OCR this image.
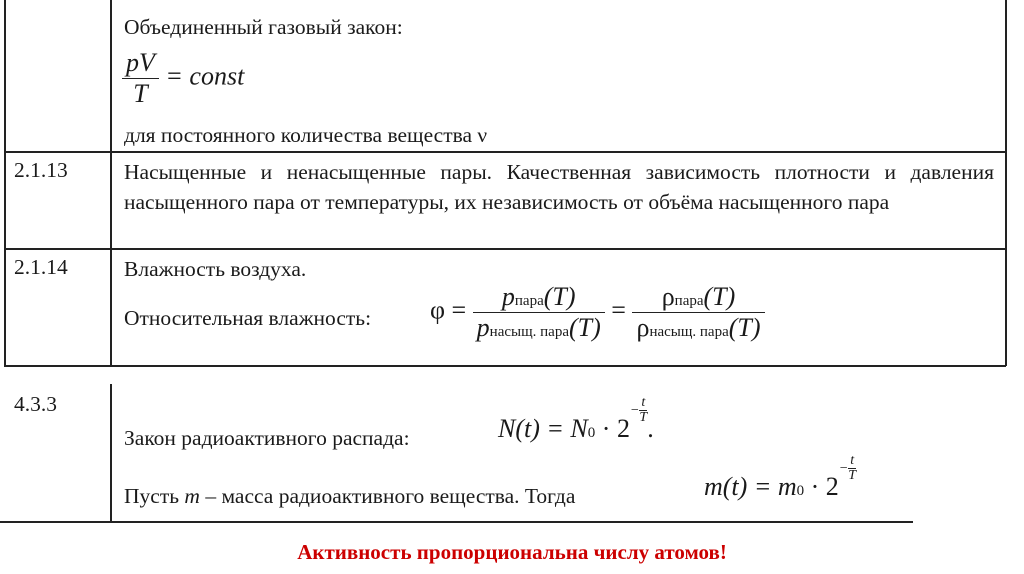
Объединенный газовый закон:
$\frac{pV}{T}$ = const
для постоянного количества вещества ν
2.1.13	Насыщенные и ненасыщенные пары. Качественная зависимость плотности и давления насыщенного пара от температуры, их независимость от объёма насыщенного пара
2.1.14	Влажность воздуха.
Относительная влажность: $\varphi = \frac{\text{pпара(T)}}{\text{pнасыщ. пара(T)}} = \frac{\text{ρпара(T)}}{\text{ρнасыщ. пара(T)}}$
4.3.3
Закон радиоактивного распада:	$N(t) = N0 \cdot 2- \frac{t}{T}$
.
Пусть m – масса радиоактивного вещества. Тогда	$m(t) = m0 \cdot 2- \frac{t}{T}$
Активность пропорциональна числу атомов!
